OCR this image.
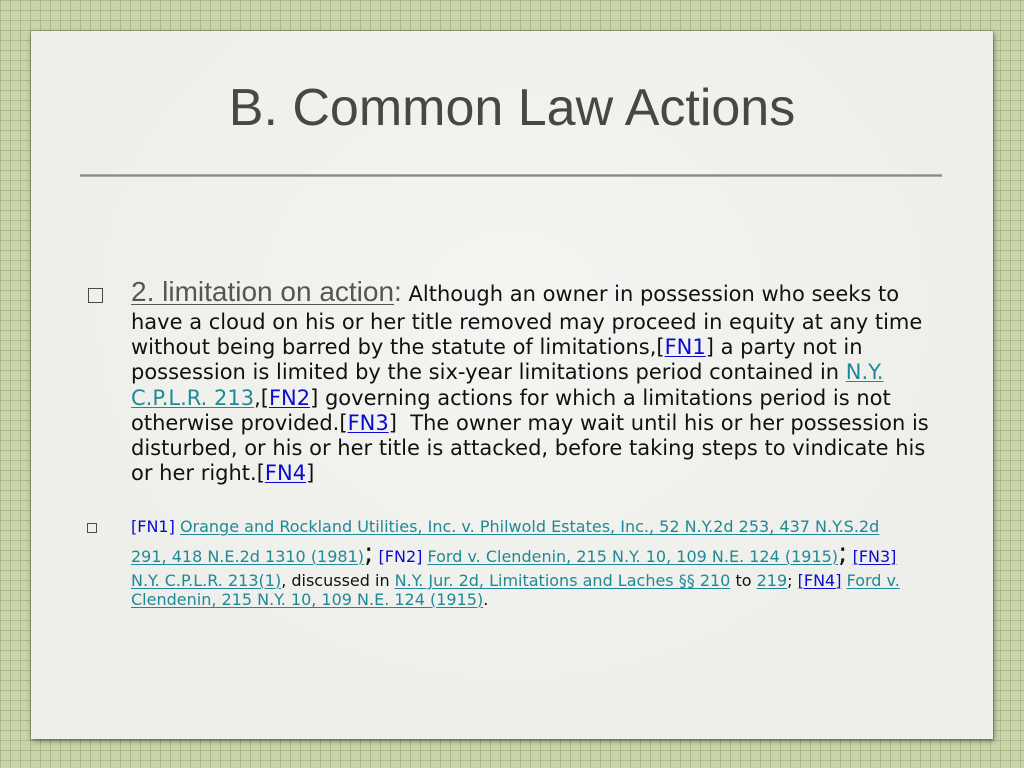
B. Common Law Actions
2. limitation on action: Although an owner in possession who seeks to
have a cloud on his or her title removed may proceed in equity at any time
without being barred by the statute of limitations,[FN1] a party not in
possession is limited by the six-year limitations period contained in N.Y.
C.P.L.R. 213,[FN2] governing actions for which a limitations period is not
otherwise provided.[FN3]  The owner may wait until his or her possession is
disturbed, or his or her title is attacked, before taking steps to vindicate his
or her right.[FN4]
[FN1] Orange and Rockland Utilities, Inc. v. Philwold Estates, Inc., 52 N.Y.2d 253, 437 N.Y.S.2d
291, 418 N.E.2d 1310 (1981); [FN2] Ford v. Clendenin, 215 N.Y. 10, 109 N.E. 124 (1915); [FN3]
N.Y. C.P.L.R. 213(1), discussed in N.Y. Jur. 2d, Limitations and Laches §§ 210 to 219; [FN4] Ford v.
Clendenin, 215 N.Y. 10, 109 N.E. 124 (1915).
